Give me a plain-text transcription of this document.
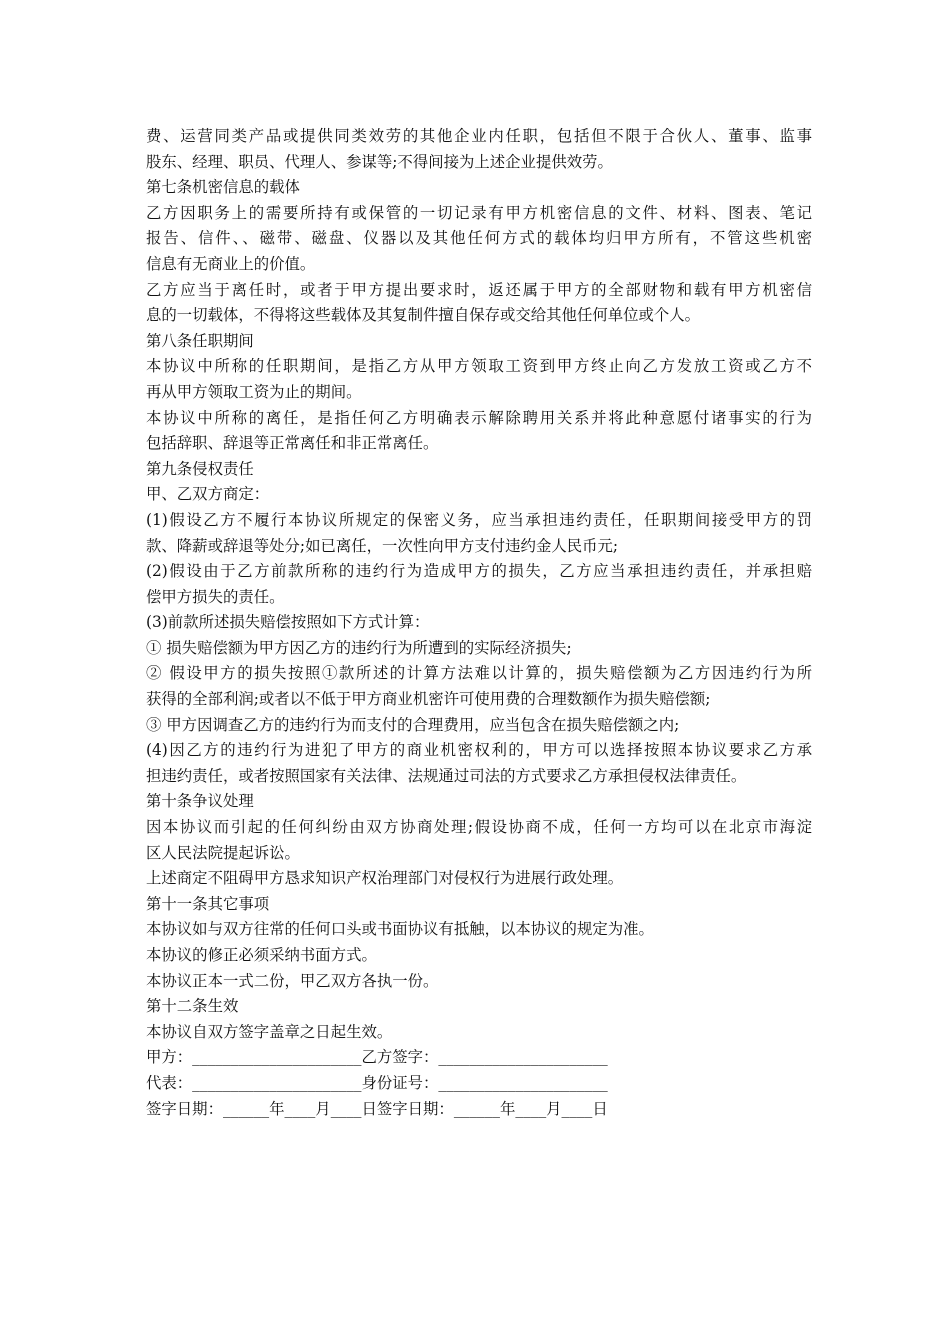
费、运营同类产品或提供同类效劳的其他企业内任职，包括但不限于合伙人、董事、监事
股东、经理、职员、代理人、参谋等;不得间接为上述企业提供效劳。
第七条机密信息的载体
乙方因职务上的需要所持有或保管的一切记录有甲方机密信息的文件、材料、图表、笔记
报告、信件、、磁带、磁盘、仪器以及其他任何方式的载体均归甲方所有，不管这些机密
信息有无商业上的价值。
乙方应当于离任时，或者于甲方提出要求时，返还属于甲方的全部财物和载有甲方机密信
息的一切载体，不得将这些载体及其复制件擅自保存或交给其他任何单位或个人。
第八条任职期间
本协议中所称的任职期间，是指乙方从甲方领取工资到甲方终止向乙方发放工资或乙方不
再从甲方领取工资为止的期间。
本协议中所称的离任，是指任何乙方明确表示解除聘用关系并将此种意愿付诸事实的行为
包括辞职、辞退等正常离任和非正常离任。
第九条侵权责任
甲、乙双方商定：
(1)假设乙方不履行本协议所规定的保密义务，应当承担违约责任，任职期间接受甲方的罚
款、降薪或辞退等处分;如已离任，一次性向甲方支付违约金人民币元;
(2)假设由于乙方前款所称的违约行为造成甲方的损失，乙方应当承担违约责任，并承担赔
偿甲方损失的责任。
(3)前款所述损失赔偿按照如下方式计算：
① 损失赔偿额为甲方因乙方的违约行为所遭到的实际经济损失;
② 假设甲方的损失按照①款所述的计算方法难以计算的，损失赔偿额为乙方因违约行为所
获得的全部利润;或者以不低于甲方商业机密许可使用费的合理数额作为损失赔偿额;
③ 甲方因调查乙方的违约行为而支付的合理费用，应当包含在损失赔偿额之内;
(4)因乙方的违约行为进犯了甲方的商业机密权利的，甲方可以选择按照本协议要求乙方承
担违约责任，或者按照国家有关法律、法规通过司法的方式要求乙方承担侵权法律责任。
第十条争议处理
因本协议而引起的任何纠纷由双方协商处理;假设协商不成，任何一方均可以在北京市海淀
区人民法院提起诉讼。
上述商定不阻碍甲方恳求知识产权治理部门对侵权行为进展行政处理。
第十一条其它事项
本协议如与双方往常的任何口头或书面协议有抵触，以本协议的规定为准。
本协议的修正必须采纳书面方式。
本协议正本一式二份，甲乙双方各执一份。
第十二条生效
本协议自双方签字盖章之日起生效。
甲方：______________________乙方签字：______________________
代表：______________________身份证号：______________________
签字日期：______年____月____日签字日期：______年____月____日
